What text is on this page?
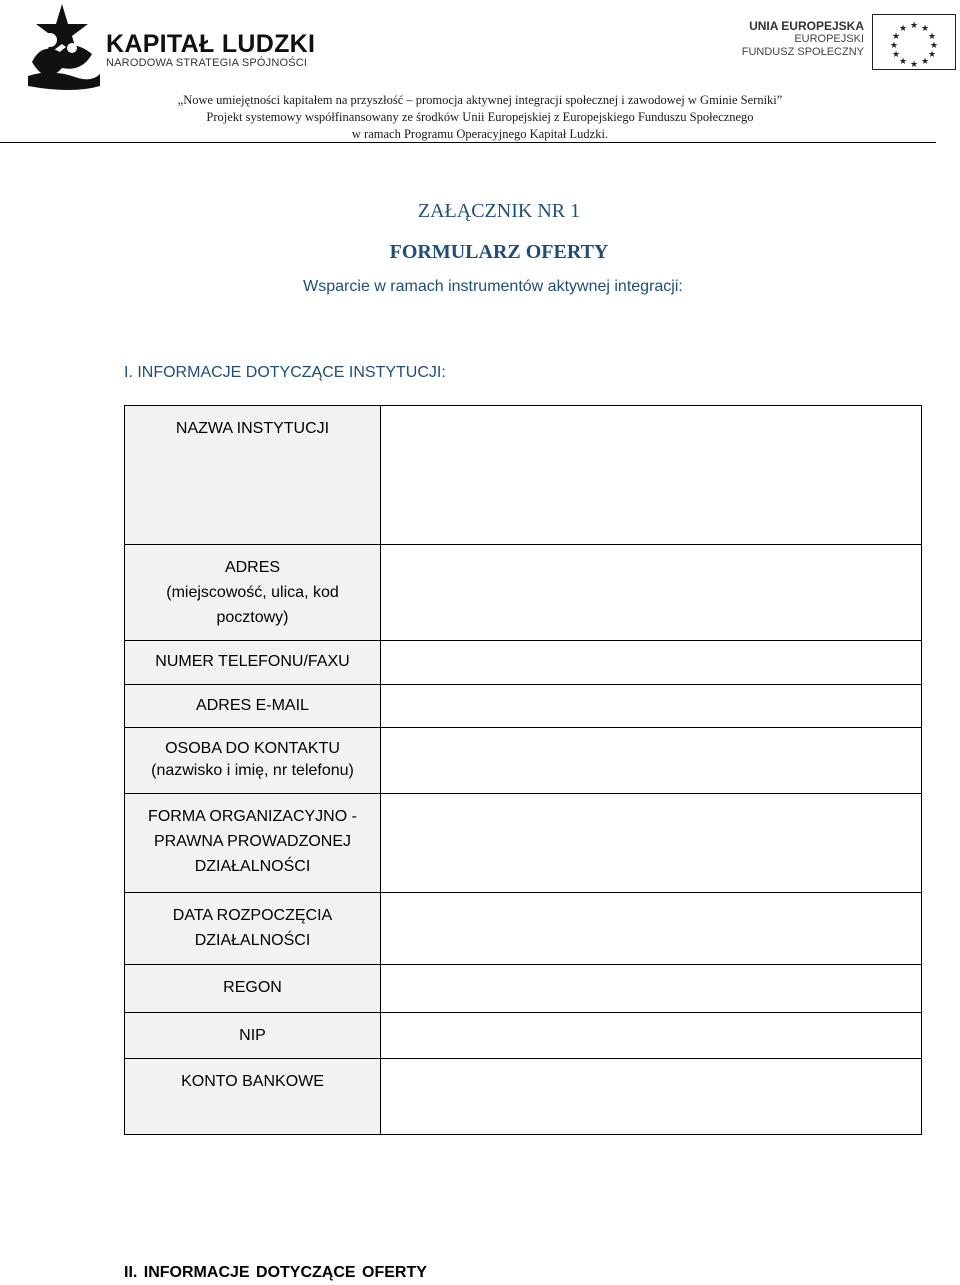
KAPITAŁ LUDZKI
NARODOWA STRATEGIA SPÓJNOŚCI
UNIA EUROPEJSKA
EUROPEJSKI
FUNDUSZ SPOŁECZNY
★ ★
★
★
★
★
★
★
★
★
★
★
„Nowe umiejętności kapitałem na przyszłość – promocja aktywnej integracji społecznej i zawodowej w Gminie Serniki”
Projekt systemowy współfinansowany ze środków Unii Europejskiej z Europejskiego Funduszu Społecznego
w ramach Programu Operacyjnego Kapitał Ludzki.
ZAŁĄCZNIK NR 1
FORMULARZ OFERTY
Wsparcie w ramach instrumentów aktywnej integracji:
I. INFORMACJE DOTYCZĄCE INSTYTUCJI:
NAZWA INSTYTUCJI	

ADRES
(miejscowość, ulica, kod pocztowy)	

NUMER TELEFONU/FAXU	
ADRES E-MAIL	

OSOBA DO KONTAKTU
(nazwisko i imię, nr telefonu)	

FORMA ORGANIZACYJNO - PRAWNA PROWADZONEJ DZIAŁALNOŚCI	

DATA ROZPOCZĘCIA DZIAŁALNOŚCI	

REGON	
NIP	
KONTO BANKOWE	
II. INFORMACJE DOTYCZĄCE OFERTY
